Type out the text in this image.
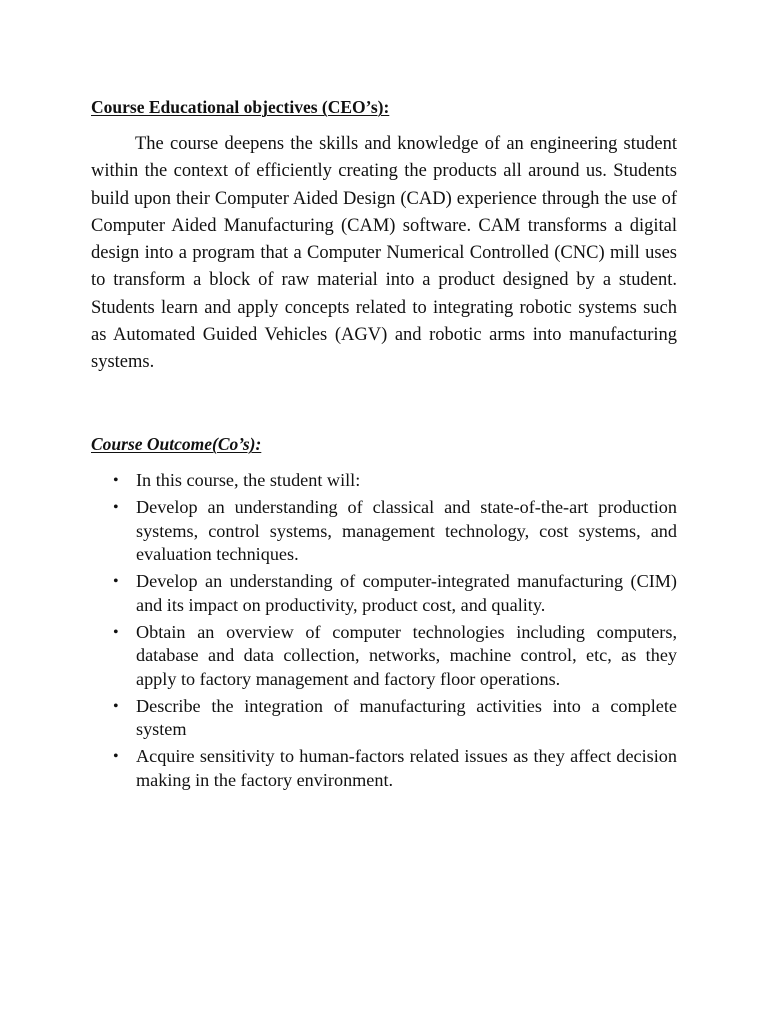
Course Educational objectives (CEO’s):

The course deepens the skills and knowledge of an engineering student within the context of efficiently creating the products all around us. Students build upon their Computer Aided Design (CAD) experience through the use of Computer Aided Manufacturing (CAM) software. CAM transforms a digital design into a program that a Computer Numerical Controlled (CNC) mill uses to transform a block of raw material into a product designed by a student. Students learn and apply concepts related to integrating robotic systems such as Automated Guided Vehicles (AGV) and robotic arms into manufacturing systems.

Course Outcome(Co’s):
• In this course, the student will:
• Develop an understanding of classical and state-of-the-art production systems, control systems, management technology, cost systems, and evaluation techniques.
• Develop an understanding of computer-integrated manufacturing (CIM) and its impact on productivity, product cost, and quality.
• Obtain an overview of computer technologies including computers, database and data collection, networks, machine control, etc, as they apply to factory management and factory floor operations.
• Describe the integration of manufacturing activities into a complete system
• Acquire sensitivity to human-factors related issues as they affect decision making in the factory environment.
